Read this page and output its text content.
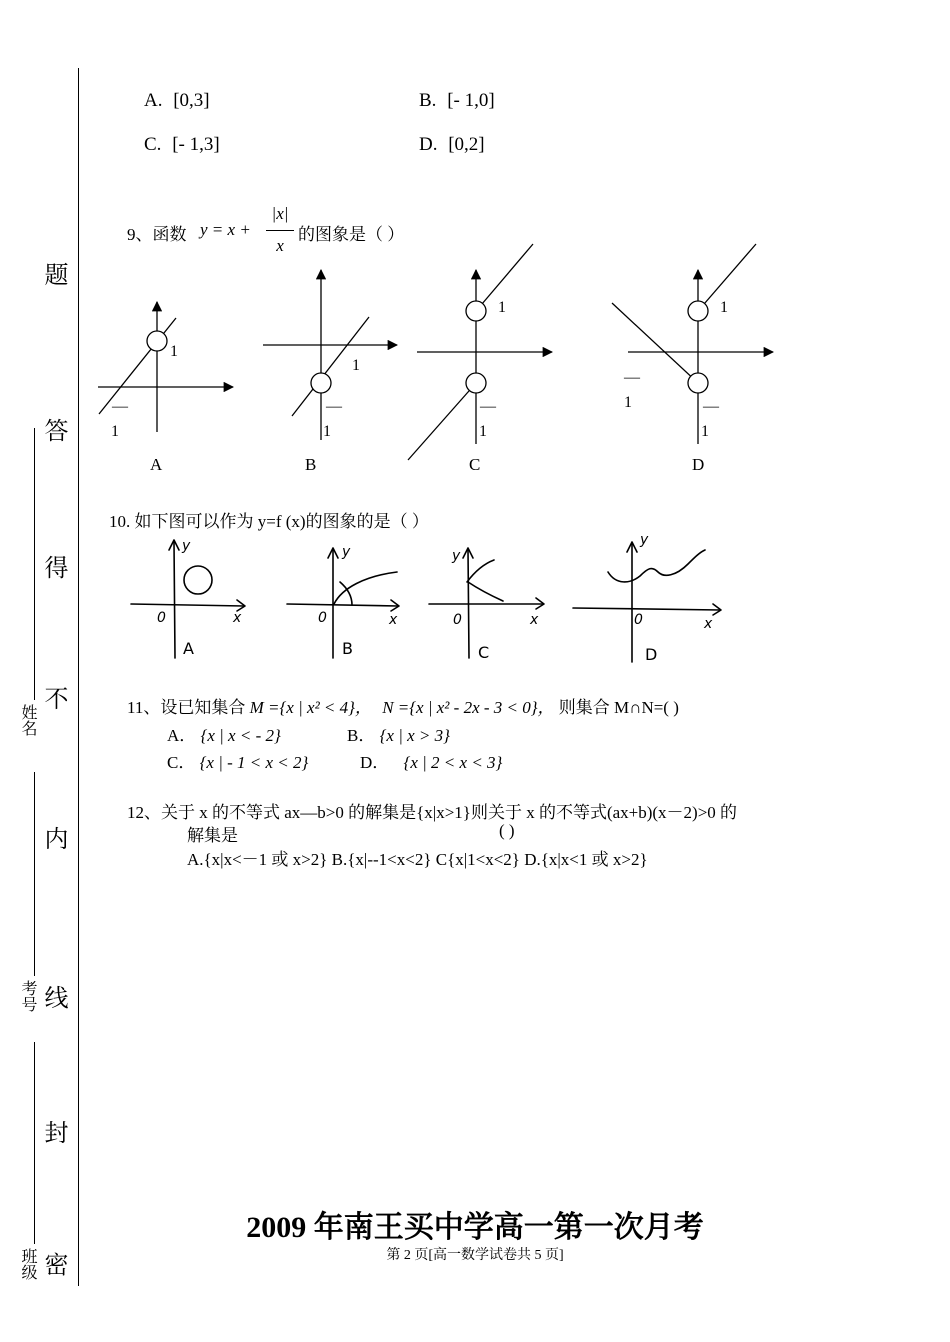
题
答
得
不
内
线
封
密
姓名
考号
班级
A. [0,3]	B. [- 1,0]
C. [- 1,3]	D. [0,2]
9、函数 y = x +
|x|
x
的图象是（ ）
1
—
1
1
—
1
1
—
1
1
—
1	—
1
A	B	C	D
10. 如下图可以作为 y=f (x)的图象的是（ ）
y
x
0
y
x
0
y
x
0
y
x
0
A	B	C	D
11、设已知集合 M ={x | x² < 4}， N ={x | x² - 2x - 3 < 0}， 则集合 M∩N=( )
A． {x | x < - 2}	B． {x | x > 3}
C． {x | - 1 < x < 2}	D． {x | 2 < x < 3}
12、关于 x 的不等式 ax—b>0 的解集是{x|x>1}则关于 x 的不等式(ax+b)(x－2)>0 的
解集是	( )
A.{x|x<－1 或 x>2} B.{x|--1<x<2} C{x|1<x<2} D.{x|x<1 或 x>2}
2009 年南王买中学高一第一次月考
第 2 页[高一数学试卷共 5 页]
